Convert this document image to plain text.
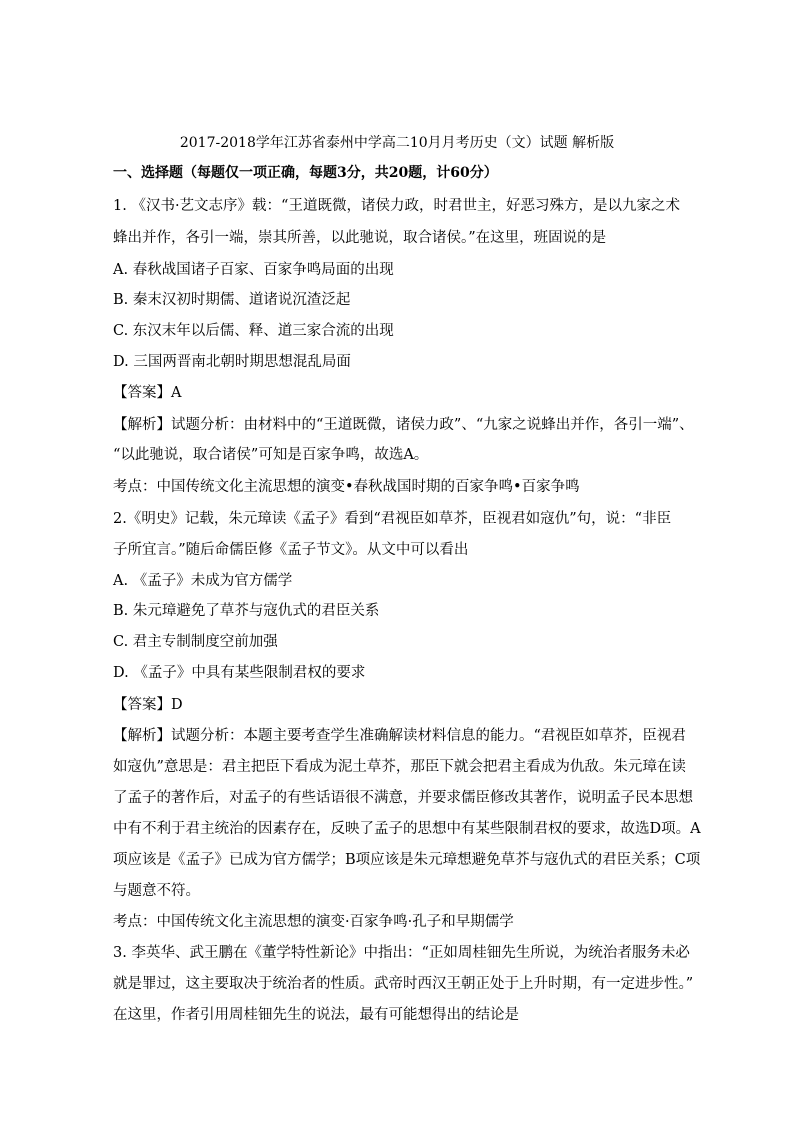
2017-2018学年江苏省泰州中学高二10月月考历史（文）试题 解析版
一、选择题（每题仅一项正确，每题3分，共20题，计60分）
1. 《汉书·艺文志序》载：“王道既微，诸侯力政，时君世主，好恶习殊方，是以九家之术
蜂出并作，各引一端，崇其所善，以此驰说，取合诸侯。”在这里，班固说的是
A. 春秋战国诸子百家、百家争鸣局面的出现
B. 秦末汉初时期儒、道诸说沉渣泛起
C. 东汉末年以后儒、释、道三家合流的出现
D. 三国两晋南北朝时期思想混乱局面
【答案】A
【解析】试题分析：由材料中的“王道既微，诸侯力政”、“九家之说蜂出并作，各引一端”、
“以此驰说，取合诸侯”可知是百家争鸣，故选A。
考点：中国传统文化主流思想的演变•春秋战国时期的百家争鸣•百家争鸣
2.《明史》记载，朱元璋读《孟子》看到“君视臣如草芥，臣视君如寇仇”句，说：“非臣
子所宜言。”随后命儒臣修《孟子节文》。从文中可以看出
A. 《孟子》未成为官方儒学
B. 朱元璋避免了草芥与寇仇式的君臣关系
C. 君主专制制度空前加强
D. 《孟子》中具有某些限制君权的要求
【答案】D
【解析】试题分析：本题主要考查学生准确解读材料信息的能力。“君视臣如草芥，臣视君
如寇仇”意思是：君主把臣下看成为泥土草芥，那臣下就会把君主看成为仇敌。朱元璋在读
了孟子的著作后，对孟子的有些话语很不满意，并要求儒臣修改其著作，说明孟子民本思想
中有不利于君主统治的因素存在，反映了孟子的思想中有某些限制君权的要求，故选D项。A
项应该是《孟子》已成为官方儒学；B项应该是朱元璋想避免草芥与寇仇式的君臣关系；C项
与题意不符。
考点：中国传统文化主流思想的演变·百家争鸣·孔子和早期儒学
3. 李英华、武王鹏在《董学特性新论》中指出：“正如周桂钿先生所说，为统治者服务未必
就是罪过，这主要取决于统治者的性质。武帝时西汉王朝正处于上升时期，有一定进步性。”
在这里，作者引用周桂钿先生的说法，最有可能想得出的结论是
